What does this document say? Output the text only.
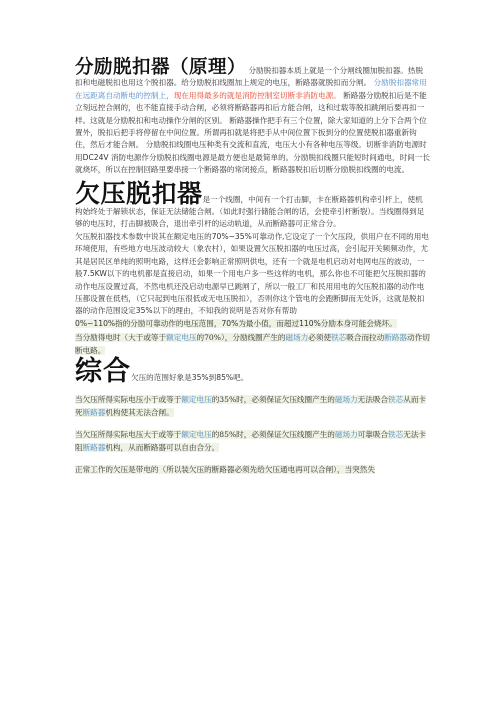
分励脱扣器（原理） 分励脱扣器本质上就是一个分闸线圈加脱扣器。热脱扣和电磁脱扣也用这个脱扣器。给分励脱扣线圈加上规定的电压，断路器就脱扣而分闸。 分励脱扣器常用在远距离自动断电的控制上，现在用得最多的就是消防控制室切断非消防电源。 断路器分励脱扣后是不能立刻远控合闸的，也不能直接手动合闸，必须将断路器再扣后方能合闸，这和过载等脱扣跳闸后要再扣一样。这就是分励脱扣和电动操作分闸的区别。 断路器操作把手有三个位置，除大家知道的上分下合两个位置外，脱扣后把手将停留在中间位置。所谓再扣就是将把手从中间位置下扳到分的位置使脱扣器重新钩住，然后才能合闸。 分励脱扣线圈电压种类有交流和直流，电压大小有各种电压等级。切断非消防电源时用DC24V 消防电源作分励脱扣线圈电源是最方便也是最简单的。分励脱扣线圈只能短时间通电，时间一长就烧坏，所以在控制回路里要串接一个断路器的常闭接点，断路器脱扣后切断分励脱扣线圈的电流。

欠压脱扣器是一个线圈，中间有一个打击脚，卡在断路器机构牵引杆上，使机构始终处于解锁状态，保证无法储能合闸。（如此时强行储能合闸的话，会使牵引杆断裂）。当线圈得到足够的电压时，打击脚被吸合，退出牵引杆的运动轨道，从而断路器可正常合分。

欠压脱扣器技术参数中说其在额定电压的70%~35%可靠动作,它设定了一个欠压段，供用户在不同的用电环境使用，有些地方电压波动较大（象农村），如果设置欠压脱扣器的电压过高，会引起开关频频动作，尤其是居民区单纯的照明电路，这样还会影响正常照明供电，还有一个就是电机启动对电网电压的波动，一般7.5KW以下的电机都是直接启动，如果一个用电户多一些这样的电机，那么你也不可能把欠压脱扣器的动作电压设置过高，不然电机还没启动电源早已跳闸了，所以一般工厂和民用用电的欠压脱扣器的动作电压都设置在低档，（它只起到电压很低或无电压脱扣），否则你这个管电的会跑断脚而无处诉，这就是脱扣器的动作范围设定35%以下的理由，不知我的说明是否对你有帮助

0%~110%指的分励可靠动作的电压范围，70%为最小值，而超过110%分励本身可能会烧坏。

当分励得电时（大于或等于额定电压的70%），分励线圈产生的磁场力必须使铁芯吸合而拉动断路器动作切断电路。

综合欠压的范围好象是35%到85%吧。

当欠压所得实际电压小于或等于额定电压的35%时，必须保证欠压线圈产生的磁场力无法吸合铁芯从而卡死断路器机构使其无法合闸。

当欠压所得实际电压大于或等于额定电压的85%时，必须保证欠压线圈产生的磁场力可靠吸合铁芯无法卡阻断路器机构，从而断路器可以自由合分。

正常工作的欠压是带电的（所以装欠压的断路器必须先给欠压通电再可以合闸），当突然失
